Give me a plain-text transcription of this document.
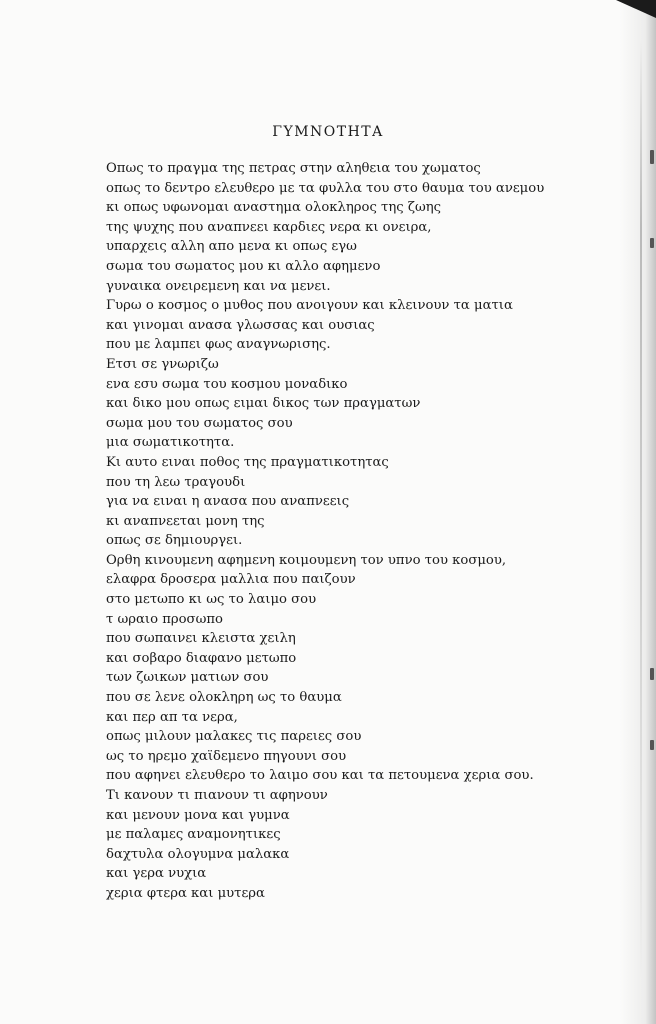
ΓΥΜΝΟΤΗΤΑ
Οπως το πραγμα της πετρας στην αληθεια του χωματος
οπως το δεντρο ελευθερο με τα φυλλα του στο θαυμα του ανεμου
κι οπως υφωνομαι αναστημα ολοκληρος της ζωης
της ψυχης που αναπνεει καρδιες νερα κι ονειρα,
υπαρχεις αλλη απο μενα κι οπως εγω
σωμα του σωματος μου κι αλλο αφημενο
γυναικα ονειρεμενη και να μενει.
Γυρω ο κοσμος ο μυθος που ανοιγουν και κλεινουν τα ματια
και γινομαι ανασα γλωσσας και ουσιας
που με λαμπει φως αναγνωρισης.
Ετσι σε γνωριζω
ενα εσυ σωμα του κοσμου μοναδικο
και δικο μου οπως ειμαι δικος των πραγματων
σωμα μου του σωματος σου
μια σωματικοτητα.
Κι αυτο ειναι ποθος της πραγματικοτητας
που τη λεω τραγουδι
για να ειναι η ανασα που αναπνεεις
κι αναπνεεται μονη της
οπως σε δημιουργει.
Ορθη κινουμενη αφημενη κοιμουμενη τον υπνο του κοσμου,
ελαφρα δροσερα μαλλια που παιζουν
στο μετωπο κι ως το λαιμο σου
τ ωραιο προσωπο
που σωπαινει κλειστα χειλη
και σοβαρο διαφανο μετωπο
των ζωικων ματιων σου
που σε λενε ολοκληρη ως το θαυμα
και περ απ τα νερα,
οπως μιλουν μαλακες τις παρειες σου
ως το ηρεμο χαϊδεμενο πηγουνι σου
που αφηνει ελευθερο το λαιμο σου και τα πετουμενα χερια σου.
Τι κανουν τι πιανουν τι αφηνουν
και μενουν μονα και γυμνα
με παλαμες αναμονητικες
δαχτυλα ολογυμνα μαλακα
και γερα νυχια
χερια φτερα και μυτερα
